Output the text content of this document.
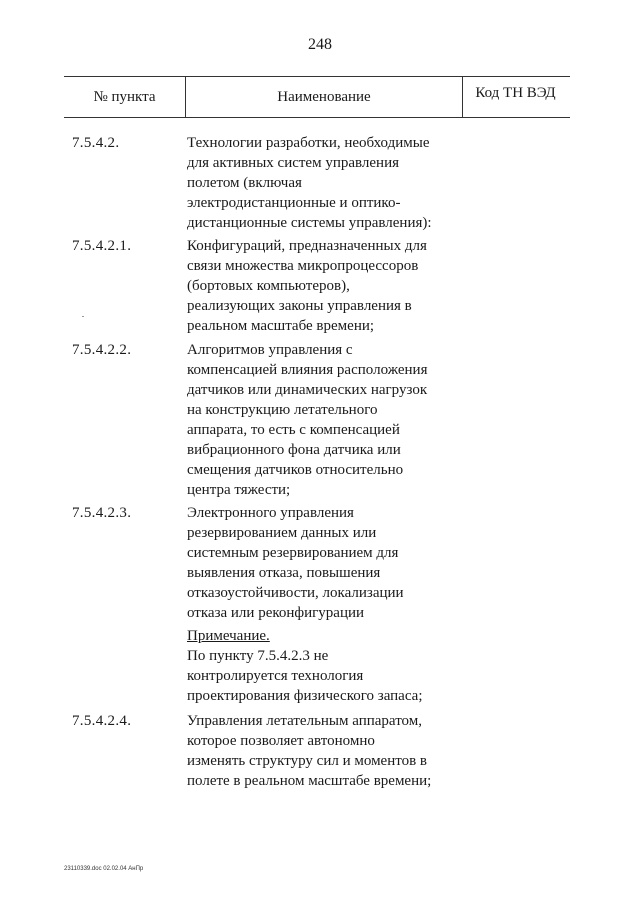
248
№ пункта	Наименование	Код ТН ВЭД
7.5.4.2.	Технологии разработки, необходимые
для активных систем управления
полетом (включая
электродистанционные и оптико-
дистанционные системы управления):
7.5.4.2.1.	Конфигураций, предназначенных для
связи множества микропроцессоров
(бортовых компьютеров),
реализующих законы управления в
реальном масштабе времени;
7.5.4.2.2.	Алгоритмов управления с
компенсацией влияния расположения
датчиков или динамических нагрузок
на конструкцию летательного
аппарата, то есть с компенсацией
вибрационного фона датчика или
смещения датчиков относительно
центра тяжести;
7.5.4.2.3.	Электронного управления
резервированием данных или
системным резервированием для
выявления отказа, повышения
отказоустойчивости, локализации
отказа или реконфигурации
Примечание.
По пункту 7.5.4.2.3 не
контролируется технология
проектирования физического запаса;
7.5.4.2.4.	Управления летательным аппаратом,
которое позволяет автономно
изменять структуру сил и моментов в
полете в реальном масштабе времени;
23110339.doc 02.02.04 АнПр
